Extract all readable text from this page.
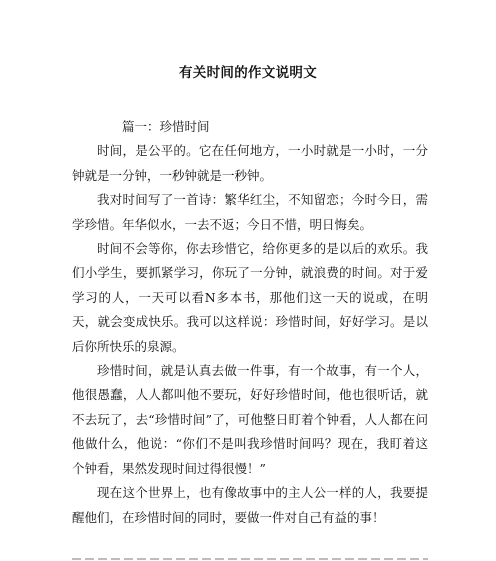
有关时间的作文说明文

篇一：珍惜时间

时间，是公平的。它在任何地方，一小时就是一小时，一分钟就是一分钟，一秒钟就是一秒钟。

我对时间写了一首诗：繁华红尘，不知留恋；今时今日，需学珍惜。年华似水，一去不返；今日不惜，明日悔矣。

时间不会等你，你去珍惜它，给你更多的是以后的欢乐。我们小学生，要抓紧学习，你玩了一分钟，就浪费的时间。对于爱学习的人，一天可以看N多本书，那他们这一天的说或，在明天，就会变成快乐。我可以这样说：珍惜时间，好好学习。是以后你所快乐的泉源。

珍惜时间，就是认真去做一件事，有一个故事，有一个人，他很愚蠢，人人都叫他不要玩，好好珍惜时间，他也很听话，就不去玩了，去“珍惜时间”了，可他整日盯着个钟看，人人都在问他做什么，他说：“你们不是叫我珍惜时间吗？现在，我盯着这个钟看，果然发现时间过得很慢！”

现在这个世界上，也有像故事中的主人公一样的人，我要提醒他们，在珍惜时间的同时，要做一件对自己有益的事！
